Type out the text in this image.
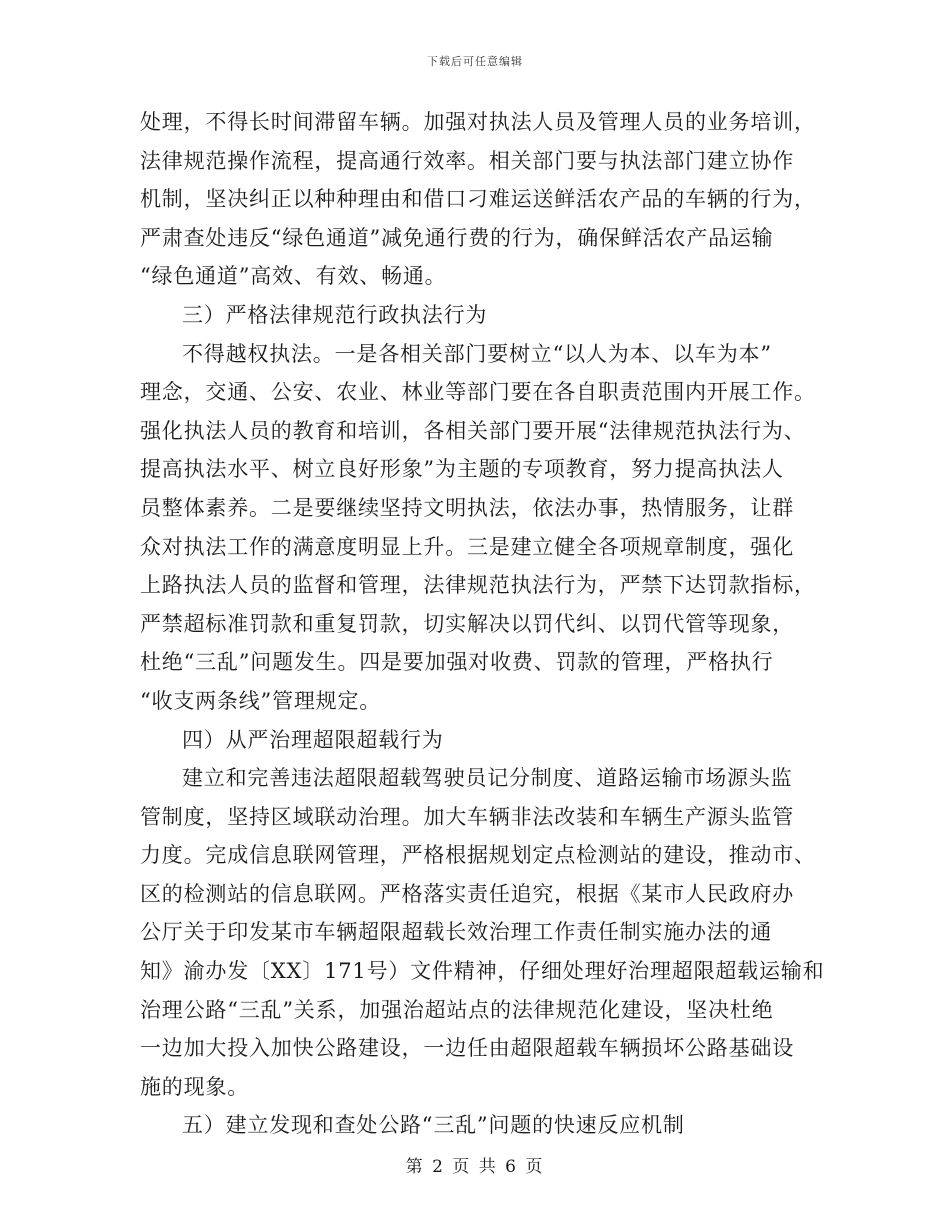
下载后可任意编辑
处理，不得长时间滞留车辆。加强对执法人员及管理人员的业务培训，
法律规范操作流程，提高通行效率。相关部门要与执法部门建立协作
机制，坚决纠正以种种理由和借口刁难运送鲜活农产品的车辆的行为，
严肃查处违反“绿色通道”减免通行费的行为，确保鲜活农产品运输
“绿色通道”高效、有效、畅通。
三）严格法律规范行政执法行为
不得越权执法。一是各相关部门要树立“以人为本、以车为本”
理念，交通、公安、农业、林业等部门要在各自职责范围内开展工作。
强化执法人员的教育和培训，各相关部门要开展“法律规范执法行为、
提高执法水平、树立良好形象”为主题的专项教育，努力提高执法人
员整体素养。二是要继续坚持文明执法，依法办事，热情服务，让群
众对执法工作的满意度明显上升。三是建立健全各项规章制度，强化
上路执法人员的监督和管理，法律规范执法行为，严禁下达罚款指标，
严禁超标准罚款和重复罚款，切实解决以罚代纠、以罚代管等现象，
杜绝“三乱”问题发生。四是要加强对收费、罚款的管理，严格执行
“收支两条线”管理规定。
四）从严治理超限超载行为
建立和完善违法超限超载驾驶员记分制度、道路运输市场源头监
管制度，坚持区域联动治理。加大车辆非法改装和车辆生产源头监管
力度。完成信息联网管理，严格根据规划定点检测站的建设，推动市、
区的检测站的信息联网。严格落实责任追究，根据《某市人民政府办
公厅关于印发某市车辆超限超载长效治理工作责任制实施办法的通
知》渝办发〔XX〕171号）文件精神，仔细处理好治理超限超载运输和
治理公路“三乱”关系，加强治超站点的法律规范化建设，坚决杜绝
一边加大投入加快公路建设，一边任由超限超载车辆损坏公路基础设
施的现象。
五）建立发现和查处公路“三乱”问题的快速反应机制
第 2 页 共 6 页
